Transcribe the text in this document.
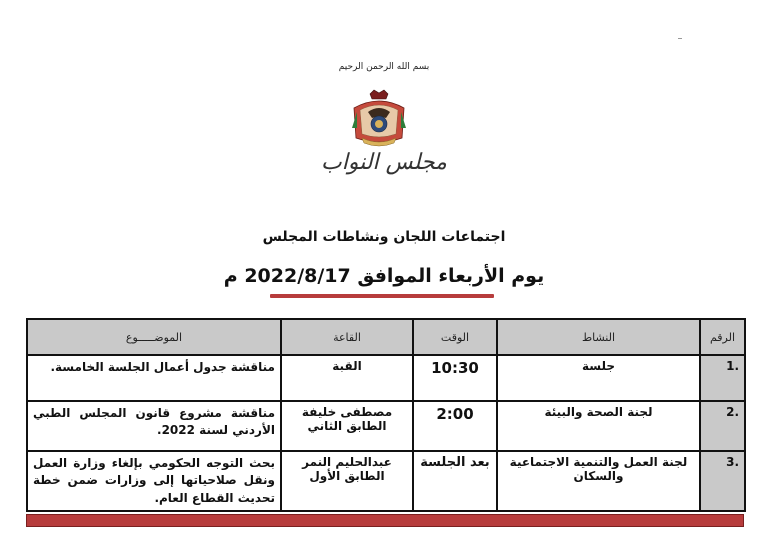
بسم الله الرحمن الرحيم
مجلس النواب
اجتماعات اللجان ونشاطات المجلس
يوم الأربعاء الموافق 2022/8/17 م
الرقم	النشاط	الوقت	القاعة	الموضـــــوع
.1	جلسة	10:30	القبة	مناقشة جدول أعمال الجلسة الخامسة.
.2	لجنة الصحة والبيئة	2:00	مصطفى خليفة الطابق الثاني	مناقشة مشروع قانون المجلس الطبي الأردني لسنة 2022.
.3	لجنة العمل والتنمية الاجتماعية والسكان	بعد الجلسة	عبدالحليم النمر الطابق الأول	بحث التوجه الحكومي بإلغاء وزارة العمل ونقل صلاحياتها إلى وزارات ضمن خطة تحديث القطاع العام.
